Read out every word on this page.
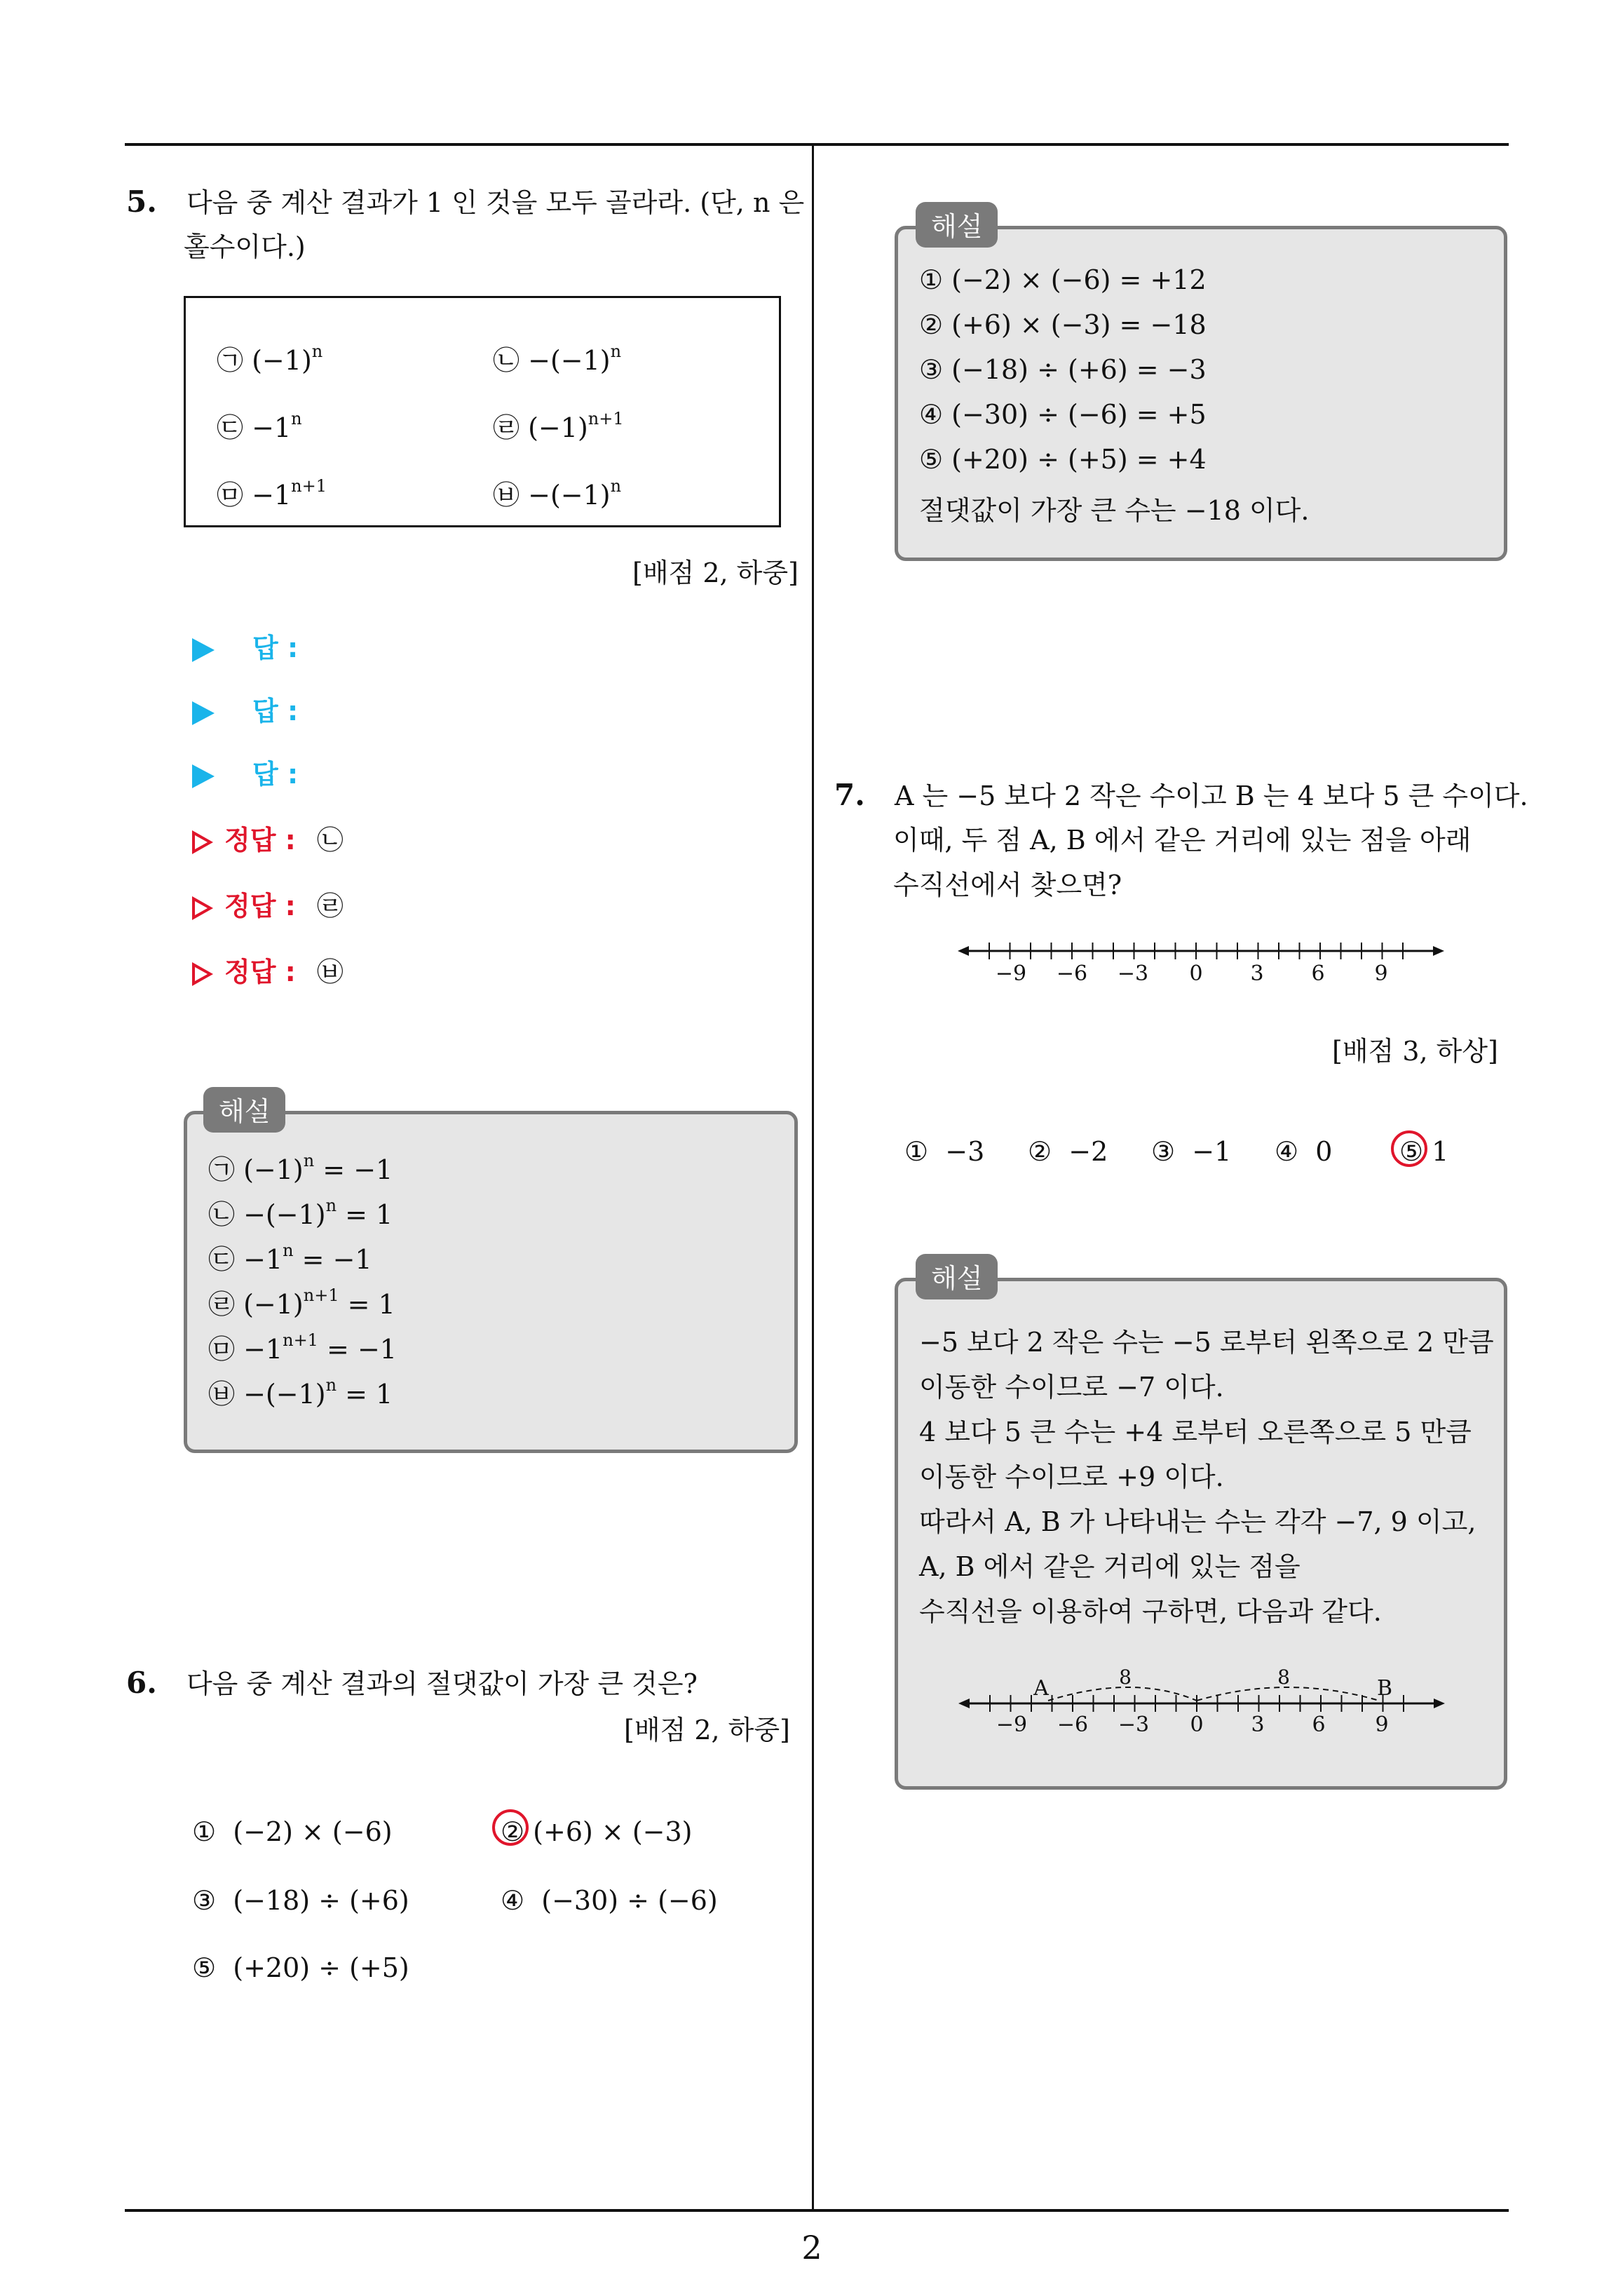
2
5. 다음 중 계산 결과가 1 인 것을 모두 골라라. (단, n 은
홀수이다.)
㉠ $(-1)^n$	㉡ $-(-1)^n$
㉢ $-1^n$	㉣ $(-1)^{n+1}$
㉤ $-1^{n+1}$	㉥ $-(-1)^n$
[배점 2, 하중]
답 :
답 :
답 :
정답 : ㉡
정답 : ㉣
정답 : ㉥
㉠ $(-1)^n = -1$
㉡ $-(-1)^n = 1$
㉢ $-1^n = -1$
㉣ $(-1)^{n+1} = 1$
㉤ $-1^{n+1} = -1$
㉥ $-(-1)^n = 1$
해설
6. 다음 중 계산 결과의 절댓값이 가장 큰 것은?
[배점 2, 하중]
① (−2) × (−6)	② (+6) × (−3)
③ (−18) ÷ (+6)	④ (−30) ÷ (−6)
⑤ (+20) ÷ (+5)
① (−2) × (−6) = +12
② (+6) × (−3) = −18
③ (−18) ÷ (+6) = −3
④ (−30) ÷ (−6) = +5
⑤ (+20) ÷ (+5) = +4
절댓값이 가장 큰 수는 −18 이다.
해설
7. A 는 −5 보다 2 작은 수이고 B 는 4 보다 5 큰 수이다.
이때, 두 점 A, B 에서 같은 거리에 있는 점을 아래
수직선에서 찾으면?
−9 −6 −3 0 3 6 9
[배점 3, 하상]
① −3 ② −2 ③ −1 ④ 0	⑤ 1
−5 보다 2 작은 수는 −5 로부터 왼쪽으로 2 만큼
이동한 수이므로 −7 이다.
4 보다 5 큰 수는 +4 로부터 오른쪽으로 5 만큼
이동한 수이므로 +9 이다.
따라서 A, B 가 나타내는 수는 각각 −7, 9 이고,
A, B 에서 같은 거리에 있는 점을
수직선을 이용하여 구하면, 다음과 같다.
8	8
A	B
−9 −6 −3 0 3 6 9
해설
